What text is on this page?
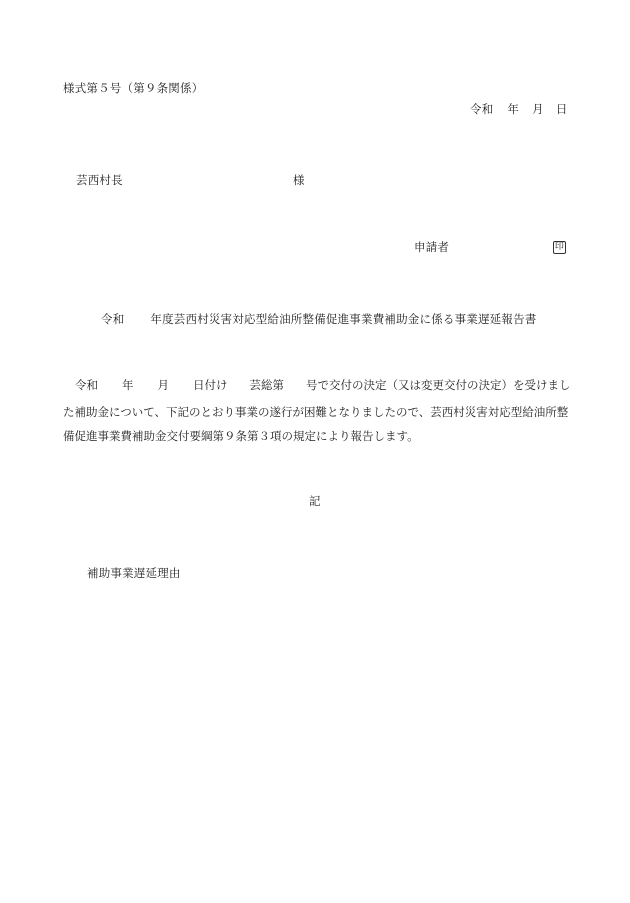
様式第５号（第９条関係）
令和 年 月 日
芸西村長	様
申請者	印
令和 年度芸西村災害対応型給油所整備促進事業費補助金に係る事業遅延報告書
令和 年 月 日付け 芸総第 号で交付の決定（又は変更交付の決定）を受けまし
た補助金について、下記のとおり事業の遂行が困難となりましたので、芸西村災害対応型給油所整
備促進事業費補助金交付要綱第９条第３項の規定により報告します。
記
補助事業遅延理由
